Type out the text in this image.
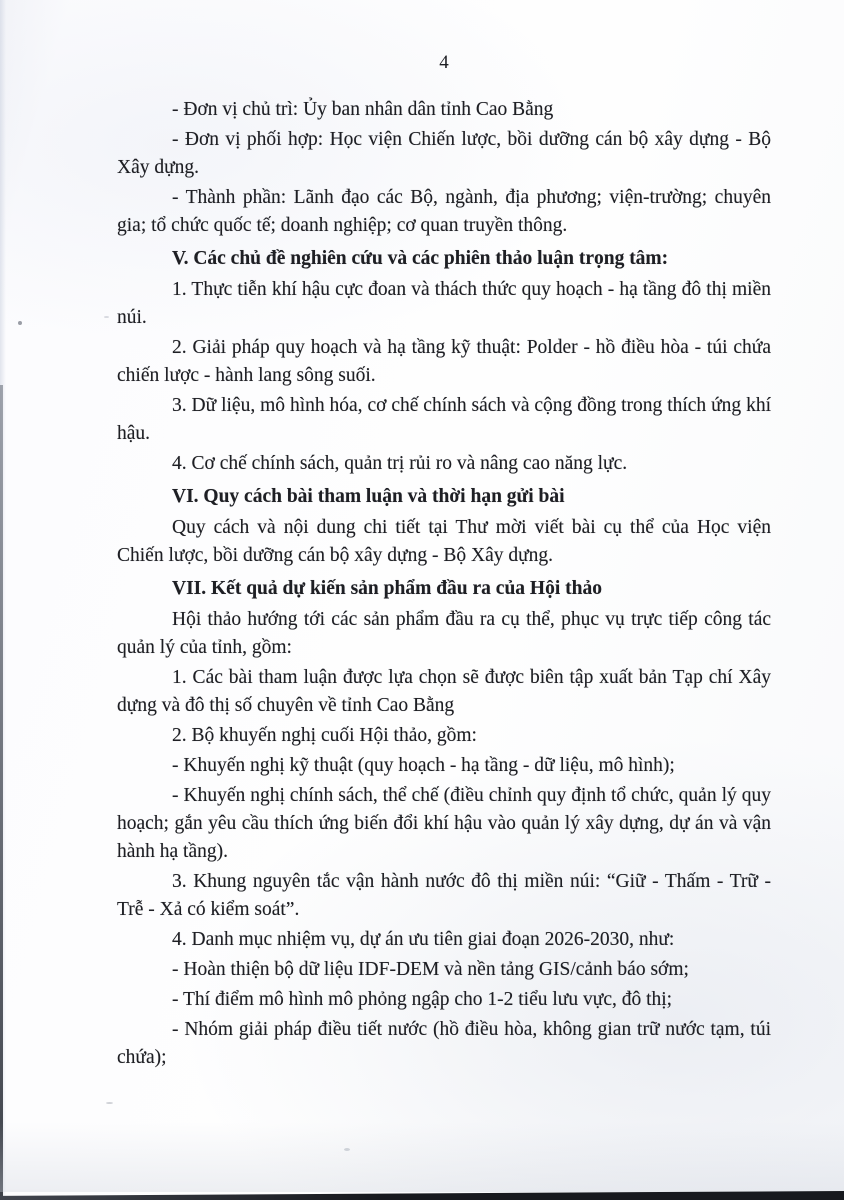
4

- Đơn vị chủ trì: Ủy ban nhân dân tỉnh Cao Bằng

- Đơn vị phối hợp: Học viện Chiến lược, bồi dưỡng cán bộ xây dựng - Bộ Xây dựng.

- Thành phần: Lãnh đạo các Bộ, ngành, địa phương; viện-trường; chuyên gia; tổ chức quốc tế; doanh nghiệp; cơ quan truyền thông.

V. Các chủ đề nghiên cứu và các phiên thảo luận trọng tâm:

1. Thực tiễn khí hậu cực đoan và thách thức quy hoạch - hạ tầng đô thị miền núi.

2. Giải pháp quy hoạch và hạ tầng kỹ thuật: Polder - hồ điều hòa - túi chứa chiến lược - hành lang sông suối.

3. Dữ liệu, mô hình hóa, cơ chế chính sách và cộng đồng trong thích ứng khí hậu.

4. Cơ chế chính sách, quản trị rủi ro và nâng cao năng lực.

VI. Quy cách bài tham luận và thời hạn gửi bài

Quy cách và nội dung chi tiết tại Thư mời viết bài cụ thể của Học viện Chiến lược, bồi dưỡng cán bộ xây dựng - Bộ Xây dựng.

VII. Kết quả dự kiến sản phẩm đầu ra của Hội thảo

Hội thảo hướng tới các sản phẩm đầu ra cụ thể, phục vụ trực tiếp công tác quản lý của tỉnh, gồm:

1. Các bài tham luận được lựa chọn sẽ được biên tập xuất bản Tạp chí Xây dựng và đô thị số chuyên về tỉnh Cao Bằng

2. Bộ khuyến nghị cuối Hội thảo, gồm:

- Khuyến nghị kỹ thuật (quy hoạch - hạ tầng - dữ liệu, mô hình);

- Khuyến nghị chính sách, thể chế (điều chỉnh quy định tổ chức, quản lý quy hoạch; gắn yêu cầu thích ứng biến đổi khí hậu vào quản lý xây dựng, dự án và vận hành hạ tầng).

3. Khung nguyên tắc vận hành nước đô thị miền núi: “Giữ - Thấm - Trữ - Trễ - Xả có kiểm soát”.

4. Danh mục nhiệm vụ, dự án ưu tiên giai đoạn 2026-2030, như:

- Hoàn thiện bộ dữ liệu IDF-DEM và nền tảng GIS/cảnh báo sớm;

- Thí điểm mô hình mô phỏng ngập cho 1-2 tiểu lưu vực, đô thị;

- Nhóm giải pháp điều tiết nước (hồ điều hòa, không gian trữ nước tạm, túi chứa);
